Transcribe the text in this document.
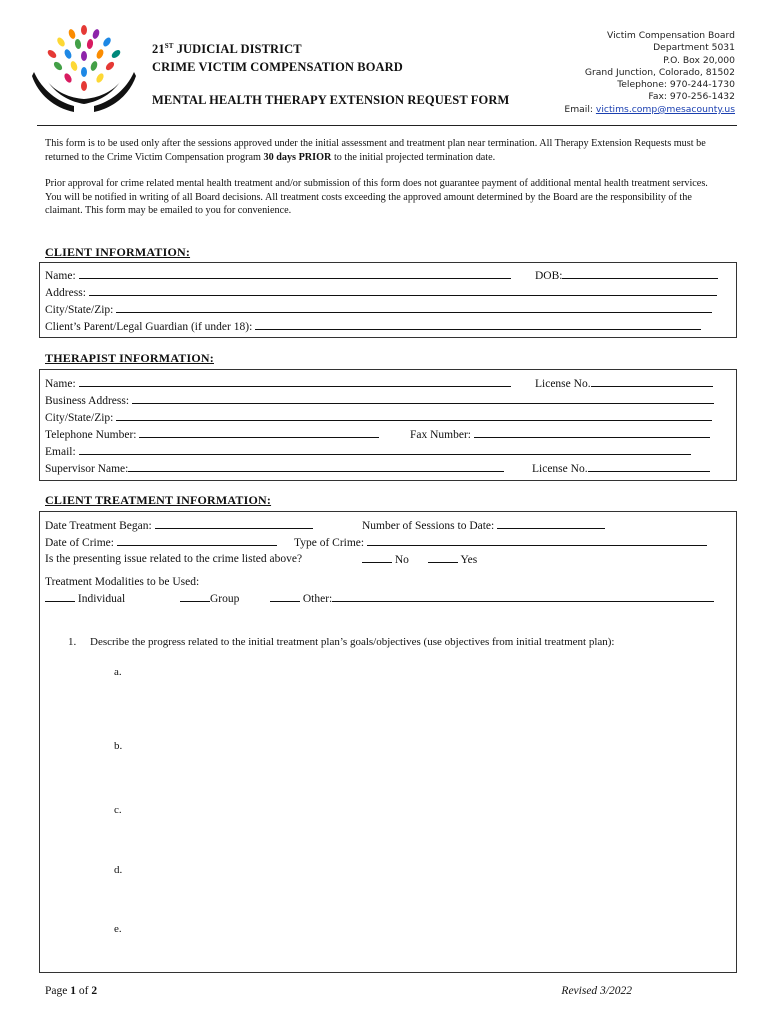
21ST JUDICIAL DISTRICT
CRIME VICTIM COMPENSATION BOARD
MENTAL HEALTH THERAPY EXTENSION REQUEST FORM
Victim Compensation Board
Department 5031
P.O. Box 20,000
Grand Junction, Colorado, 81502
Telephone: 970-244-1730
Fax: 970-256-1432
Email: victims.comp@mesacounty.us
This form is to be used only after the sessions approved under the initial assessment and treatment plan near termination. All Therapy Extension Requests must be returned to the Crime Victim Compensation program 30 days PRIOR to the initial projected termination date.
Prior approval for crime related mental health treatment and/or submission of this form does not guarantee payment of additional mental health treatment services. You will be notified in writing of all Board decisions. All treatment costs exceeding the approved amount determined by the Board are the responsibility of the claimant. This form may be emailed to you for convenience.
CLIENT INFORMATION:
Name:	DOB:
Address:
City/State/Zip:
Client’s Parent/Legal Guardian (if under 18):
THERAPIST INFORMATION:
Name:	License No.
Business Address:
City/State/Zip:
Telephone Number:	Fax Number:
Email:
Supervisor Name:	License No.
CLIENT TREATMENT INFORMATION:
Date Treatment Began:	Number of Sessions to Date:
Date of Crime:	Type of Crime:
Is the presenting issue related to the crime listed above?	No	Yes
Treatment Modalities to be Used:
Individual	Group	Other:
1. Describe the progress related to the initial treatment plan’s goals/objectives (use objectives from initial treatment plan):
a.
b.
c.
d.
e.
Page 1 of 2	Revised 3/2022
